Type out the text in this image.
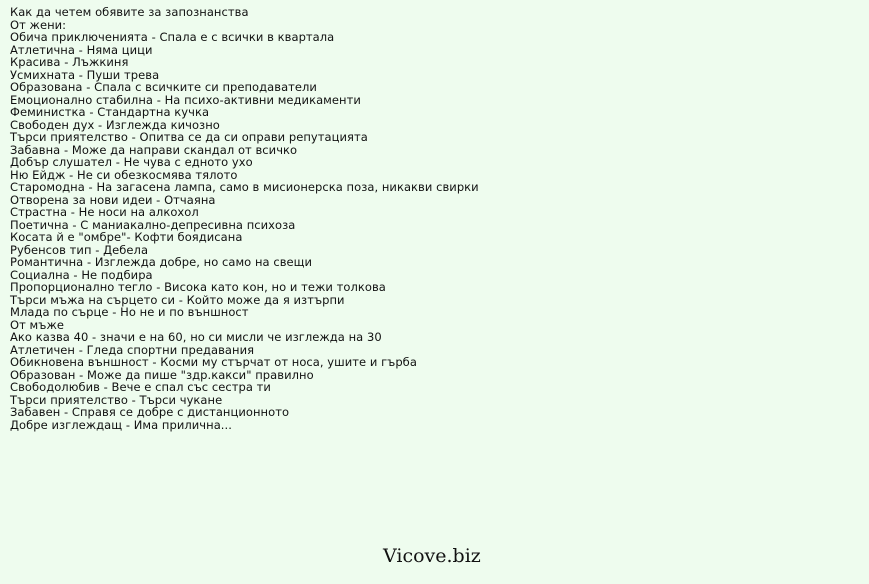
Как да четем обявите за запознанства
От жени:
Обича приключенията - Спала е с всички в квартала
Атлетична - Няма цици
Красива - Лъжкиня
Усмихната - Пуши трева
Образована - Спала с всичките си преподаватели
Емоционално стабилна - На психо-активни медикаменти
Феминистка - Стандартна кучка
Свободен дух - Изглежда кичозно
Търси приятелство - Опитва се да си оправи репутацията
Забавна - Може да направи скандал от всичко
Добър слушател - Не чува с едното ухо
Ню Ейдж - Не си обезкосмява тялото
Старомодна - На загасена лампа, само в мисионерска поза, никакви свирки
Отворена за нови идеи - Отчаяна
Страстна - Не носи на алкохол
Поетична - С маниакално-депресивна психоза
Косата й е "омбре"- Кофти боядисана
Рубенсов тип - Дебела
Романтична - Изглежда добре, но само на свещи
Социална - Не подбира
Пропорционално тегло - Висока като кон, но и тежи толкова
Търси мъжа на сърцето си - Който може да я изтърпи
Млада по сърце - Но не и по външност
От мъже
Ако казва 40 - значи е на 60, но си мисли че изглежда на 30
Атлетичен - Гледа спортни предавания
Обикновена външност - Косми му стърчат от носа, ушите и гърба
Образован - Може да пише "здр.какси" правилно
Свободолюбив - Вече е спал със сестра ти
Търси приятелство - Търси чукане
Забавен - Справя се добре с дистанционното
Добре изглеждащ - Има прилична...
Vicove.biz
